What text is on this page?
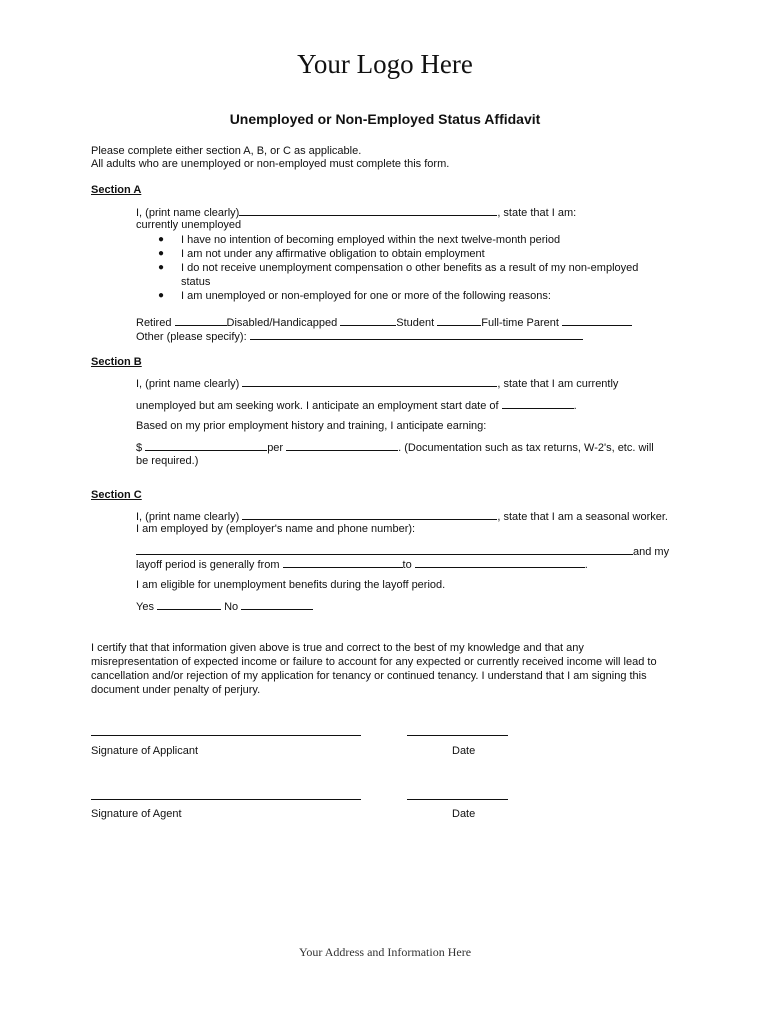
Your Logo Here
Unemployed or Non-Employed Status Affidavit
Please complete either section A, B, or C as applicable.
All adults who are unemployed or non-employed must complete this form.
Section A
I, (print name clearly)	, state that I am:
currently unemployed
● I have no intention of becoming employed within the next twelve-month period
● I am not under any affirmative obligation to obtain employment
● I do not receive unemployment compensation o other benefits as a result of my non-employed
status
● I am unemployed or non-employed for one or more of the following reasons:
Retired	Disabled/Handicapped	Student	Full-time Parent
Other (please specify):
Section B
I, (print name clearly)	, state that I am currently
unemployed but am seeking work. I anticipate an employment start date of	.
Based on my prior employment history and training, I anticipate earning:
$	per	. (Documentation such as tax returns, W-2's, etc. will
be required.)
Section C
I, (print name clearly)	, state that I am a seasonal worker.
I am employed by (employer's name and phone number):
and my
layoff period is generally from	to	.
I am eligible for unemployment benefits during the layoff period.
Yes	No
I certify that that information given above is true and correct to the best of my knowledge and that any
misrepresentation of expected income or failure to account for any expected or currently received income will lead to
cancellation and/or rejection of my application for tenancy or continued tenancy. I understand that I am signing this
document under penalty of perjury.
Signature of Applicant	Date
Signature of Agent	Date
Your Address and Information Here
